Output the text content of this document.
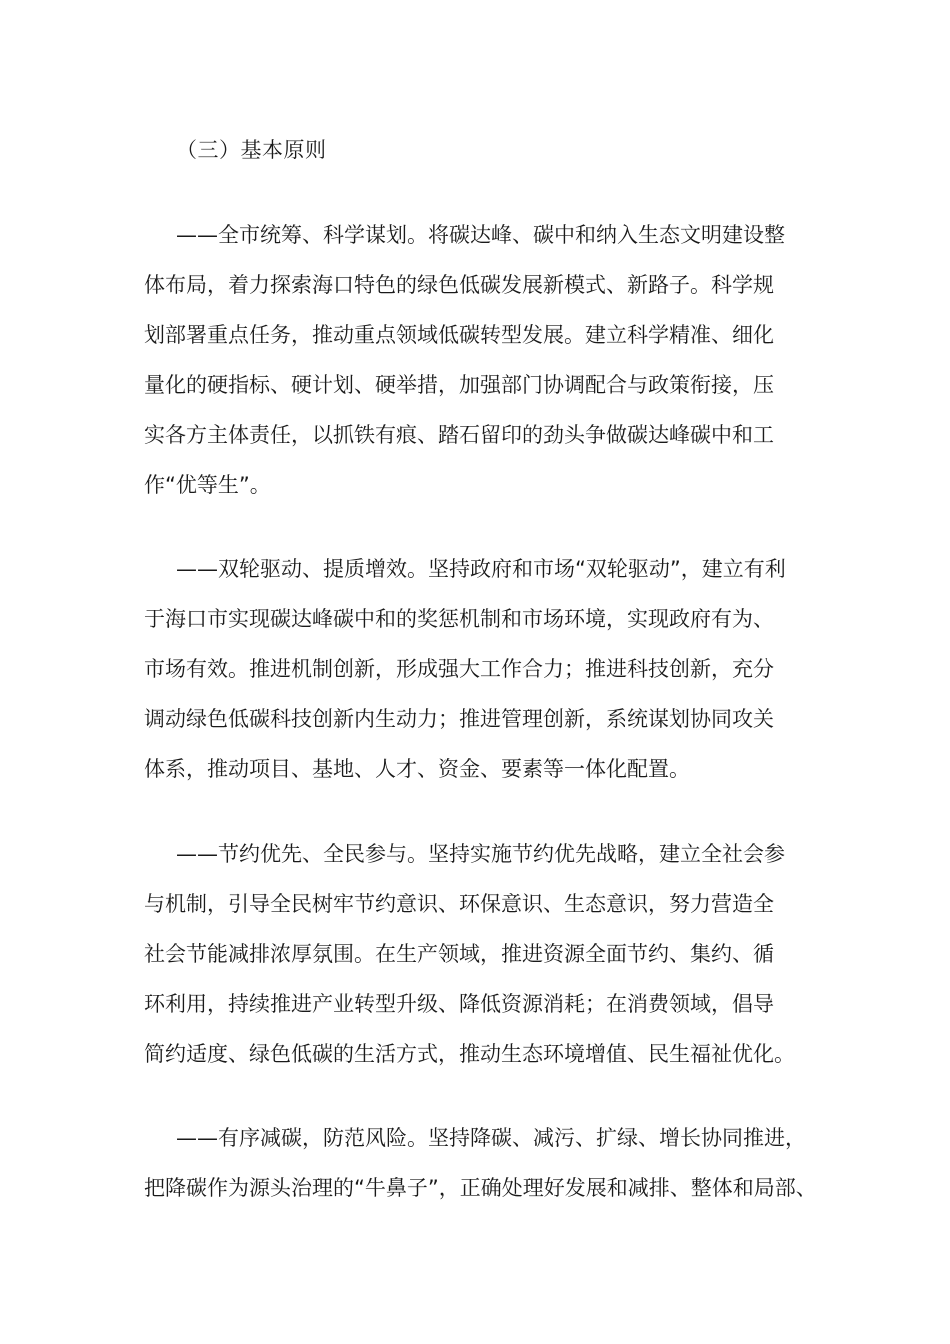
（三）基本原则
——全市统筹、科学谋划。将碳达峰、碳中和纳入生态文明建设整
体布局，着力探索海口特色的绿色低碳发展新模式、新路子。科学规
划部署重点任务，推动重点领域低碳转型发展。建立科学精准、细化
量化的硬指标、硬计划、硬举措，加强部门协调配合与政策衔接，压
实各方主体责任，以抓铁有痕、踏石留印的劲头争做碳达峰碳中和工
作“优等生”。
——双轮驱动、提质增效。坚持政府和市场“双轮驱动”，建立有利
于海口市实现碳达峰碳中和的奖惩机制和市场环境，实现政府有为、
市场有效。推进机制创新，形成强大工作合力；推进科技创新，充分
调动绿色低碳科技创新内生动力；推进管理创新，系统谋划协同攻关
体系，推动项目、基地、人才、资金、要素等一体化配置。
——节约优先、全民参与。坚持实施节约优先战略，建立全社会参
与机制，引导全民树牢节约意识、环保意识、生态意识，努力营造全
社会节能减排浓厚氛围。在生产领域，推进资源全面节约、集约、循
环利用，持续推进产业转型升级、降低资源消耗；在消费领域，倡导
简约适度、绿色低碳的生活方式，推动生态环境增值、民生福祉优化。
——有序减碳，防范风险。坚持降碳、减污、扩绿、增长协同推进，
把降碳作为源头治理的“牛鼻子”，正确处理好发展和减排、整体和局部、
